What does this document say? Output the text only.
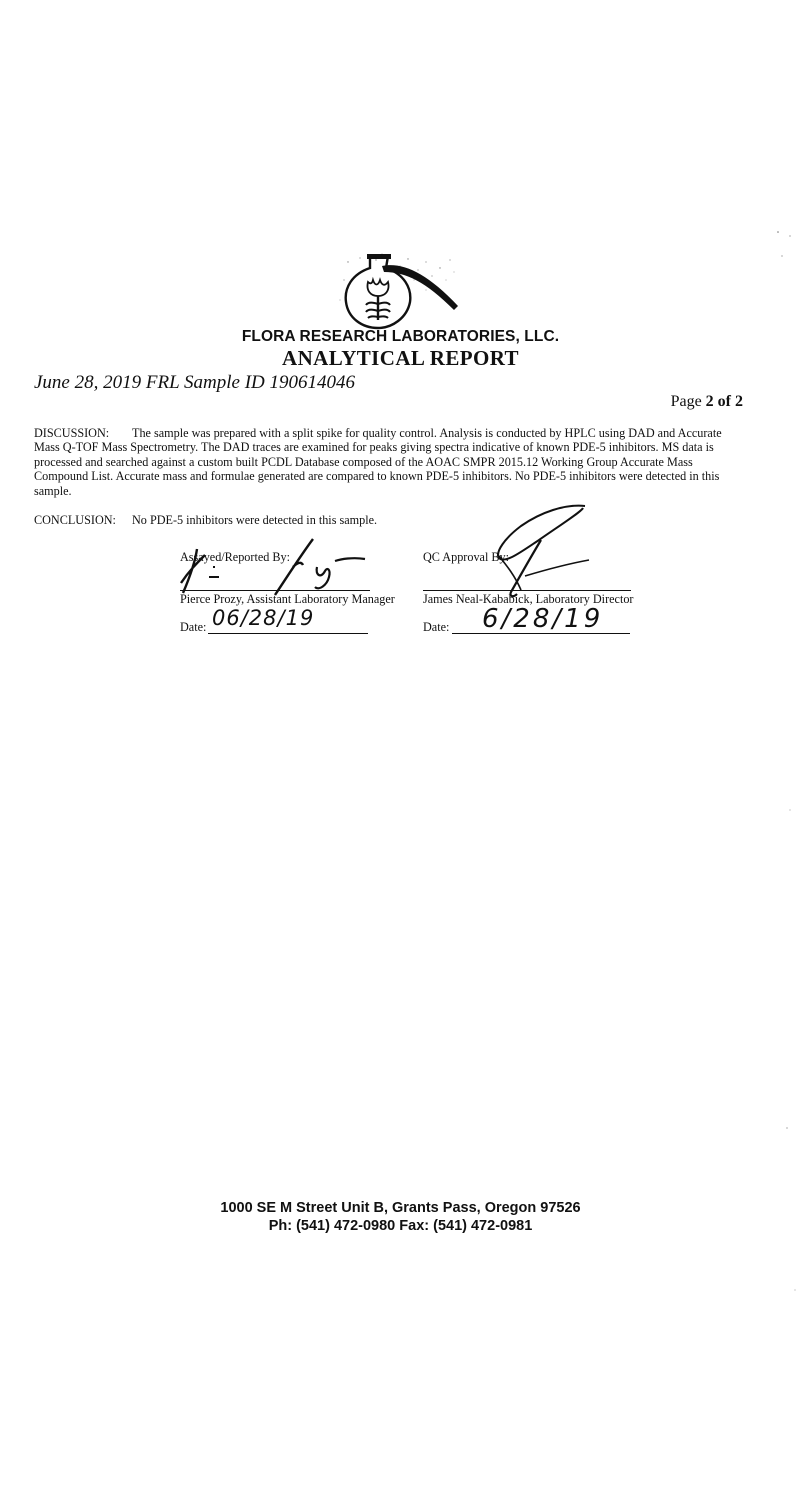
FLORA RESEARCH LABORATORIES, LLC.
ANALYTICAL REPORT
June 28, 2019 FRL Sample ID 190614046
Page 2 of 2
DISCUSSION: The sample was prepared with a split spike for quality control. Analysis is conducted by HPLC using DAD and Accurate Mass Q-TOF Mass Spectrometry. The DAD traces are examined for peaks giving spectra indicative of known PDE-5 inhibitors. MS data is processed and searched against a custom built PCDL Database composed of the AOAC SMPR 2015.12 Working Group Accurate Mass Compound List. Accurate mass and formulae generated are compared to known PDE-5 inhibitors. No PDE-5 inhibitors were detected in this sample.
CONCLUSION: No PDE-5 inhibitors were detected in this sample.
Assayed/Reported By:
Pierce Prozy, Assistant Laboratory Manager
Date: 06/28/19
QC Approval By:
James Neal-Kababick, Laboratory Director
Date: 6/28/19
1000 SE M Street Unit B, Grants Pass, Oregon 97526
Ph: (541) 472-0980 Fax: (541) 472-0981
